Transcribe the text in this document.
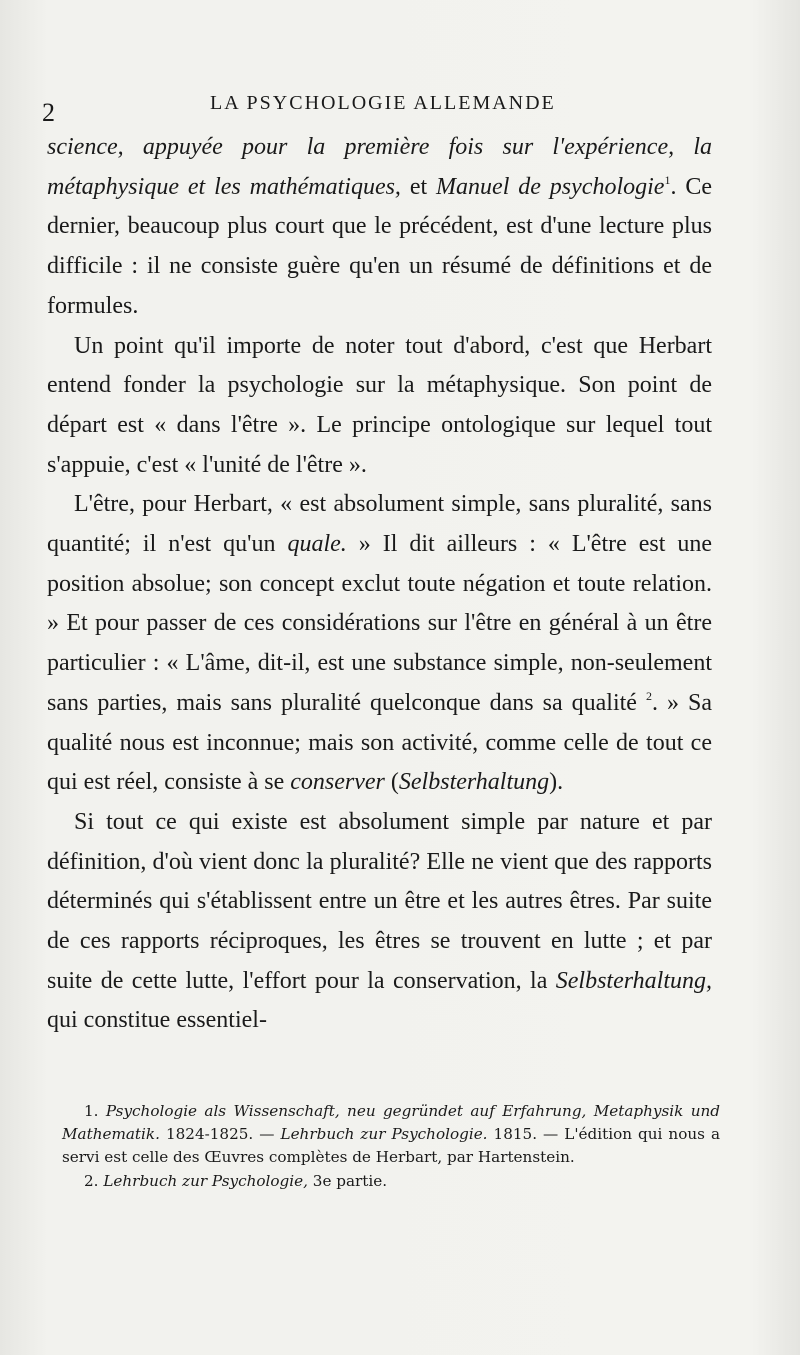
2	LA PSYCHOLOGIE ALLEMANDE

science, appuyée pour la première fois sur l'expérience, la métaphysique et les mathématiques, et Manuel de psychologie$^1$. Ce dernier, beaucoup plus court que le précédent, est d'une lecture plus difficile : il ne consiste guère qu'en un résumé de définitions et de formules.

Un point qu'il importe de noter tout d'abord, c'est que Herbart entend fonder la psychologie sur la métaphysique. Son point de départ est « dans l'être ». Le principe ontologique sur lequel tout s'appuie, c'est « l'unité de l'être ».

L'être, pour Herbart, « est absolument simple, sans pluralité, sans quantité; il n'est qu'un quale. » Il dit ailleurs : « L'être est une position absolue; son concept exclut toute négation et toute relation. » Et pour passer de ces considérations sur l'être en général à un être particulier : « L'âme, dit-il, est une substance simple, non-seulement sans parties, mais sans pluralité quelconque dans sa qualité $^2$. » Sa qualité nous est inconnue; mais son activité, comme celle de tout ce qui est réel, consiste à se conserver (Selbsterhaltung).

Si tout ce qui existe est absolument simple par nature et par définition, d'où vient donc la pluralité? Elle ne vient que des rapports déterminés qui s'établissent entre un être et les autres êtres. Par suite de ces rapports réciproques, les êtres se trouvent en lutte ; et par suite de cette lutte, l'effort pour la conservation, la Selbsterhaltung, qui constitue essentiel-

1. Psychologie als Wissenschaft, neu gegründet auf Erfahrung, Metaphysik und Mathematik. 1824-1825. — Lehrbuch zur Psychologie. 1815. — L'édition qui nous a servi est celle des Œuvres complètes de Herbart, par Hartenstein.

2. Lehrbuch zur Psychologie, 3e partie.
